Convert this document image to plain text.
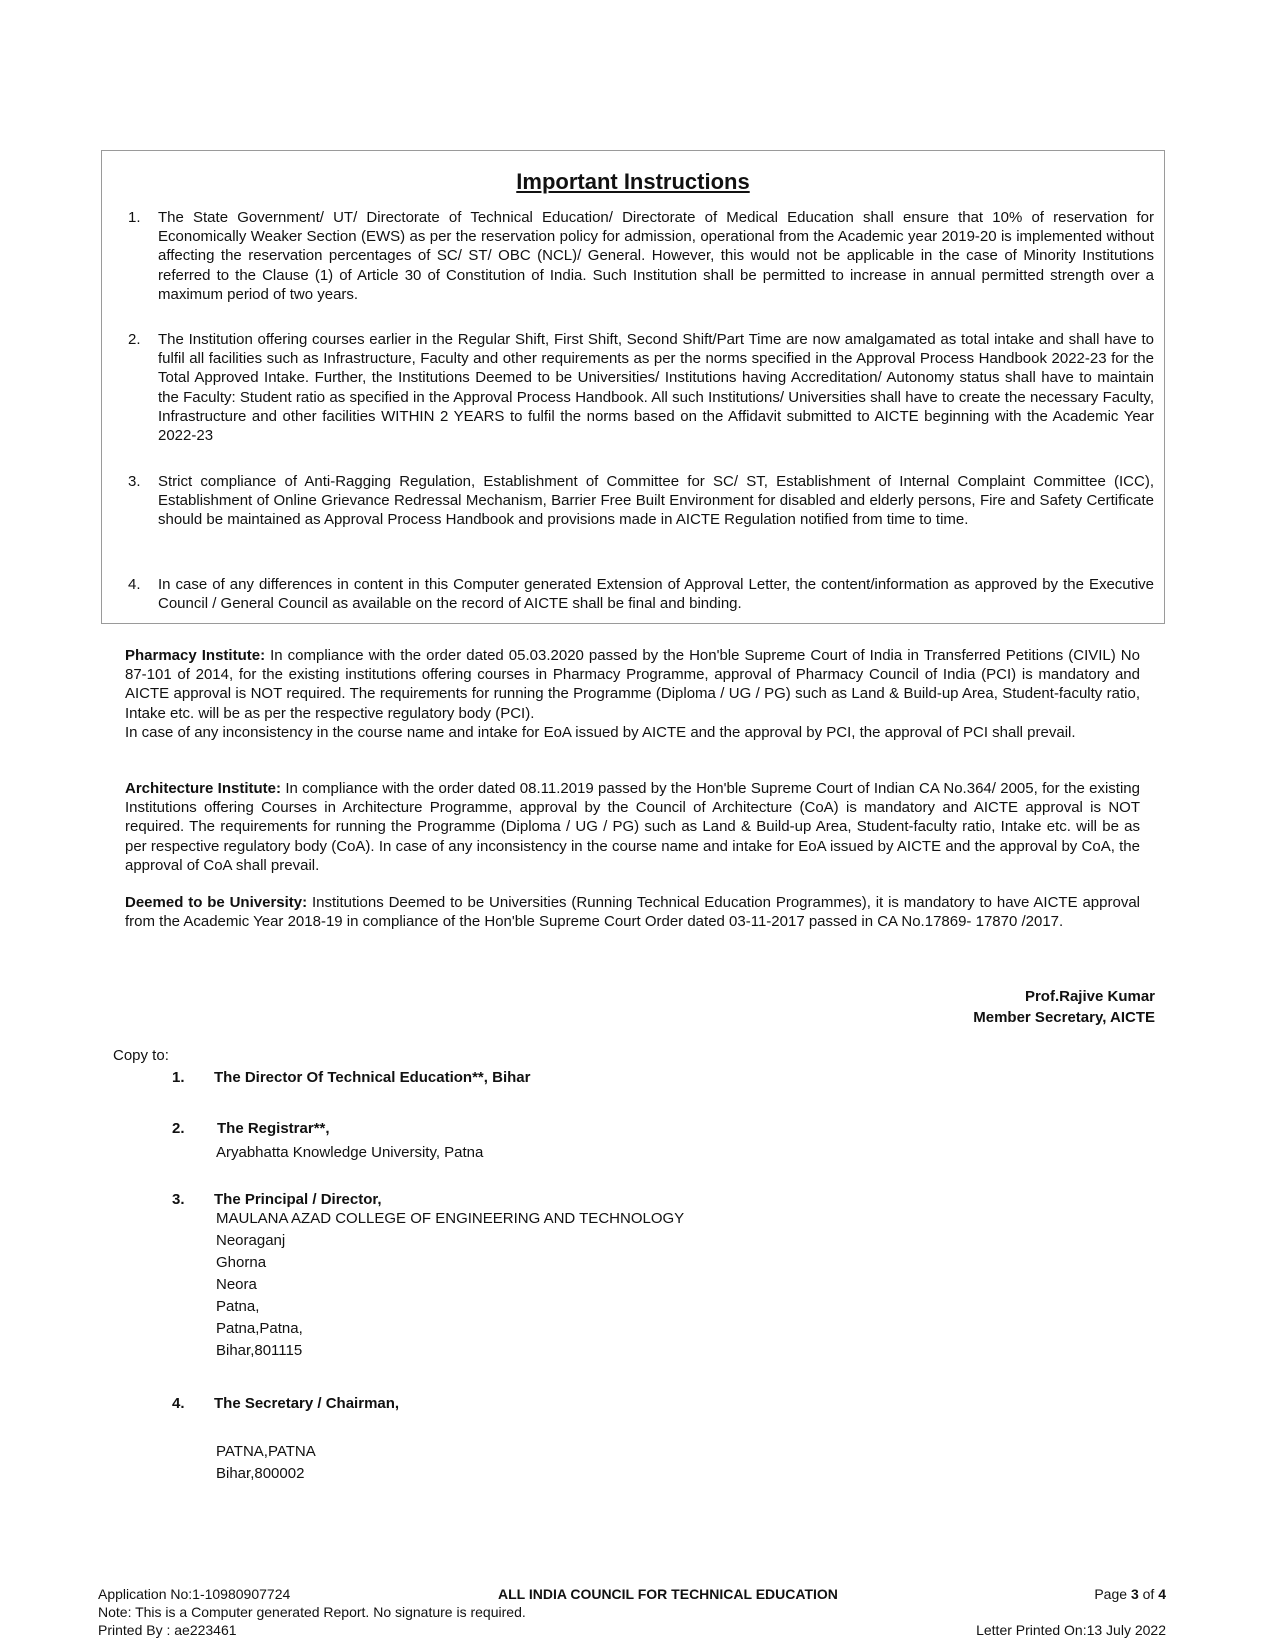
Important Instructions
1. The State Government/ UT/ Directorate of Technical Education/ Directorate of Medical Education shall ensure that 10% of reservation for Economically Weaker Section (EWS) as per the reservation policy for admission, operational from the Academic year 2019-20 is implemented without affecting the reservation percentages of SC/ ST/ OBC (NCL)/ General. However, this would not be applicable in the case of Minority Institutions referred to the Clause (1) of Article 30 of Constitution of India. Such Institution shall be permitted to increase in annual permitted strength over a maximum period of two years.
2. The Institution offering courses earlier in the Regular Shift, First Shift, Second Shift/Part Time are now amalgamated as total intake and shall have to fulfil all facilities such as Infrastructure, Faculty and other requirements as per the norms specified in the Approval Process Handbook 2022-23 for the Total Approved Intake. Further, the Institutions Deemed to be Universities/ Institutions having Accreditation/ Autonomy status shall have to maintain the Faculty: Student ratio as specified in the Approval Process Handbook. All such Institutions/ Universities shall have to create the necessary Faculty, Infrastructure and other facilities WITHIN 2 YEARS to fulfil the norms based on the Affidavit submitted to AICTE beginning with the Academic Year 2022-23
3. Strict compliance of Anti-Ragging Regulation, Establishment of Committee for SC/ ST, Establishment of Internal Complaint Committee (ICC), Establishment of Online Grievance Redressal Mechanism, Barrier Free Built Environment for disabled and elderly persons, Fire and Safety Certificate should be maintained as Approval Process Handbook and provisions made in AICTE Regulation notified from time to time.
4. In case of any differences in content in this Computer generated Extension of Approval Letter, the content/information as approved by the Executive Council / General Council as available on the record of AICTE shall be final and binding.
Pharmacy Institute: In compliance with the order dated 05.03.2020 passed by the Hon'ble Supreme Court of India in Transferred Petitions (CIVIL) No 87-101 of 2014, for the existing institutions offering courses in Pharmacy Programme, approval of Pharmacy Council of India (PCI) is mandatory and AICTE approval is NOT required. The requirements for running the Programme (Diploma / UG / PG) such as Land & Build-up Area, Student-faculty ratio, Intake etc. will be as per the respective regulatory body (PCI).
In case of any inconsistency in the course name and intake for EoA issued by AICTE and the approval by PCI, the approval of PCI shall prevail.
Architecture Institute: In compliance with the order dated 08.11.2019 passed by the Hon'ble Supreme Court of Indian CA No.364/ 2005, for the existing Institutions offering Courses in Architecture Programme, approval by the Council of Architecture (CoA) is mandatory and AICTE approval is NOT required. The requirements for running the Programme (Diploma / UG / PG) such as Land & Build-up Area, Student-faculty ratio, Intake etc. will be as per respective regulatory body (CoA). In case of any inconsistency in the course name and intake for EoA issued by AICTE and the approval by CoA, the approval of CoA shall prevail.
Deemed to be University: Institutions Deemed to be Universities (Running Technical Education Programmes), it is mandatory to have AICTE approval from the Academic Year 2018-19 in compliance of the Hon'ble Supreme Court Order dated 03-11-2017 passed in CA No.17869- 17870 /2017.
Prof.Rajive Kumar
Member Secretary, AICTE
Copy to:
1. The Director Of Technical Education**, Bihar
2. The Registrar**,
Aryabhatta Knowledge University, Patna
3. The Principal / Director,
MAULANA AZAD COLLEGE OF ENGINEERING AND TECHNOLOGY
Neoraganj
Ghorna
Neora
Patna,
Patna,Patna,
Bihar,801115
4. The Secretary / Chairman,
PATNA,PATNA
Bihar,800002
Application No:1-10980907724	ALL INDIA COUNCIL FOR TECHNICAL EDUCATION	Page 3 of 4
Note: This is a Computer generated Report. No signature is required.
Printed By : ae223461	Letter Printed On:13 July 2022
